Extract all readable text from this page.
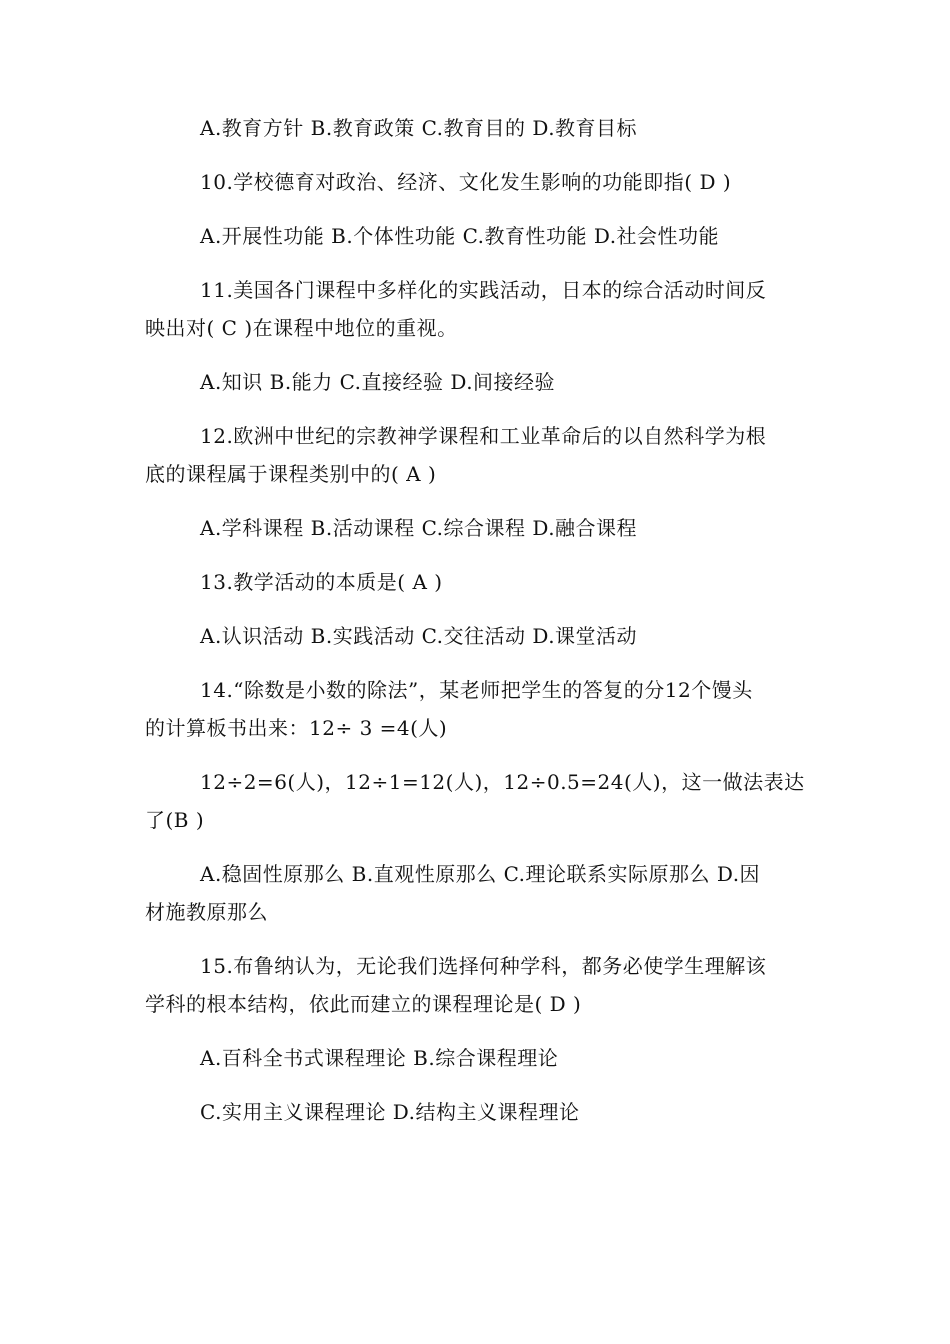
A.教育方针 B.教育政策 C.教育目的 D.教育目标
10.学校德育对政治、经济、文化发生影响的功能即指( D )
A.开展性功能 B.个体性功能 C.教育性功能 D.社会性功能
11.美国各门课程中多样化的实践活动，日本的综合活动时间反
映出对( C )在课程中地位的重视。
A.知识 B.能力 C.直接经验 D.间接经验
12.欧洲中世纪的宗教神学课程和工业革命后的以自然科学为根
底的课程属于课程类别中的( A )
A.学科课程 B.活动课程 C.综合课程 D.融合课程
13.教学活动的本质是( A )
A.认识活动 B.实践活动 C.交往活动 D.课堂活动
14.“除数是小数的除法”，某老师把学生的答复的分12个馒头
的计算板书出来：12÷ 3 =4(人)
12÷2=6(人)，12÷1=12(人)，12÷0.5=24(人)，这一做法表达
了(B )
A.稳固性原那么 B.直观性原那么 C.理论联系实际原那么 D.因
材施教原那么
15.布鲁纳认为，无论我们选择何种学科，都务必使学生理解该
学科的根本结构，依此而建立的课程理论是( D )
A.百科全书式课程理论 B.综合课程理论
C.实用主义课程理论 D.结构主义课程理论
